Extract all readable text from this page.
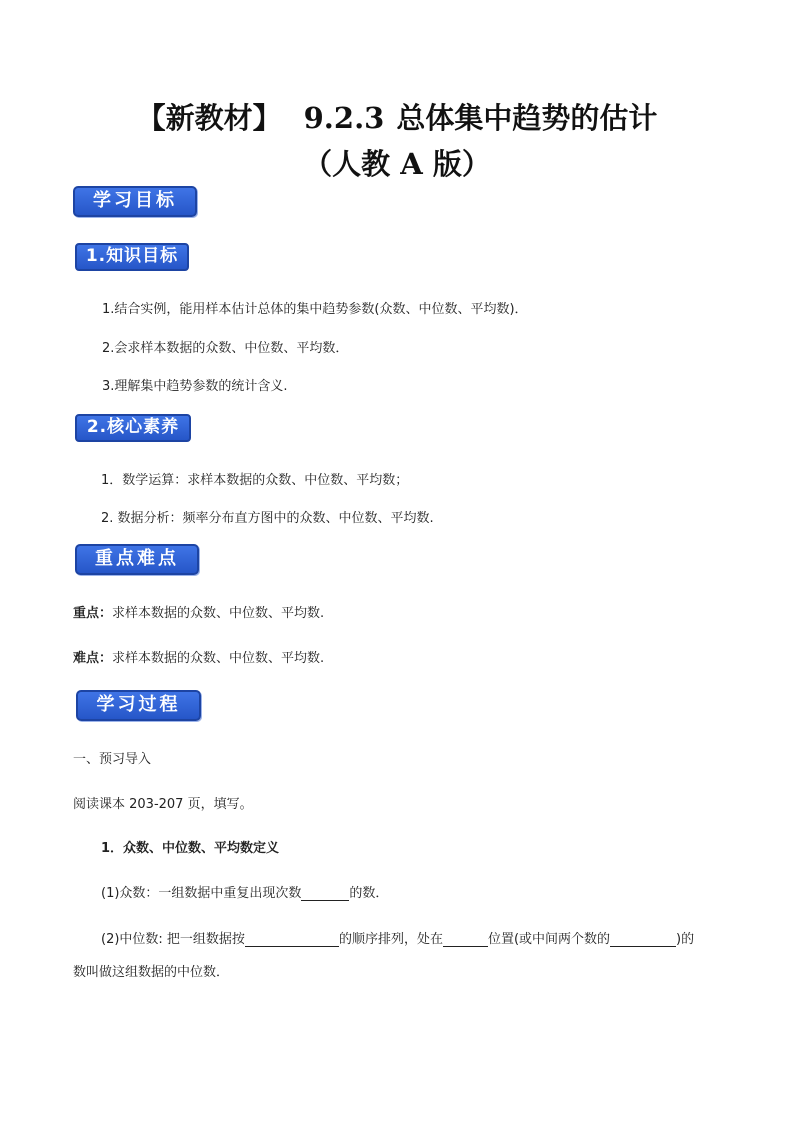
【新教材】 9.2.3 总体集中趋势的估计
（人教 A 版）
学习目标
1.知识目标
1.结合实例，能用样本估计总体的集中趋势参数(众数、中位数、平均数)．
2.会求样本数据的众数、中位数、平均数．
3.理解集中趋势参数的统计含义.
2.核心素养
1．数学运算：求样本数据的众数、中位数、平均数；
2. 数据分析：频率分布直方图中的众数、中位数、平均数.
重点难点
重点：求样本数据的众数、中位数、平均数.
难点：求样本数据的众数、中位数、平均数.
学习过程
一、预习导入
阅读课本 203-207 页，填写。
1．众数、中位数、平均数定义
(1)众数：一组数据中重复出现次数	的数．
(2)中位数: 把一组数据按	的顺序排列，处在	位置(或中间两个数的	)的
数叫做这组数据的中位数．
